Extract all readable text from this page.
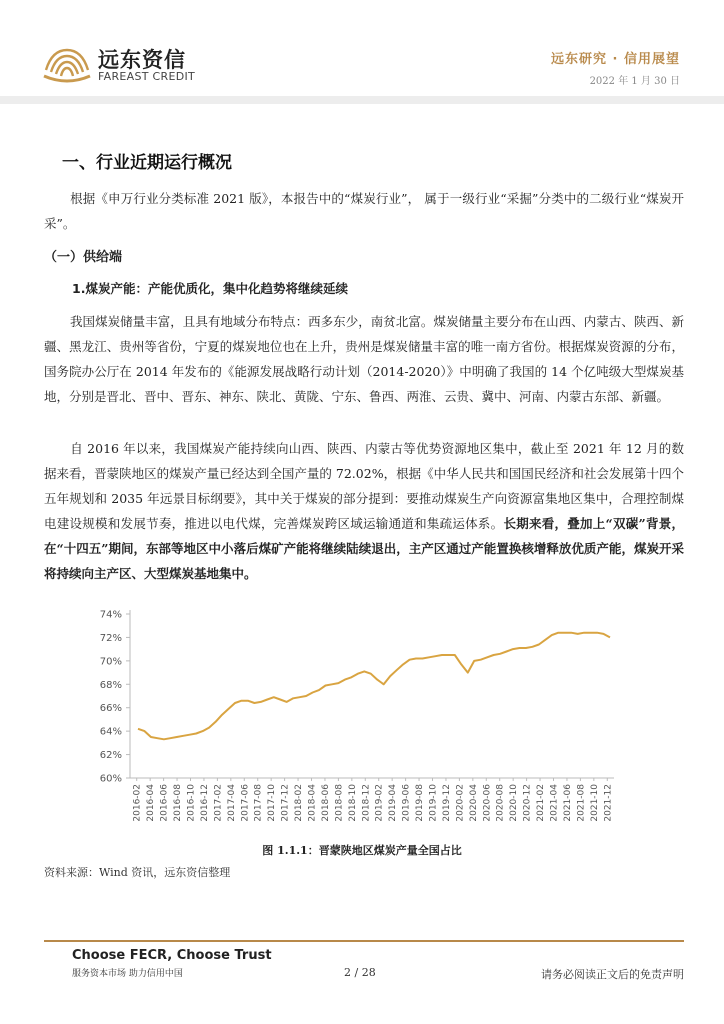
远东资信
FAREAST CREDIT
远东研究 · 信用展望
2022 年 1 月 30 日
一、行业近期运行概况

根据《申万行业分类标准 2021 版》，本报告中的“煤炭行业”， 属于一级行业“采掘”分类中的二级行业“煤炭开采”。

（一）供给端
1.煤炭产能：产能优质化，集中化趋势将继续延续

我国煤炭储量丰富，且具有地域分布特点：西多东少，南贫北富。煤炭储量主要分布在山西、内蒙古、陕西、新疆、黑龙江、贵州等省份，宁夏的煤炭地位也在上升，贵州是煤炭储量丰富的唯一南方省份。根据煤炭资源的分布，国务院办公厅在 2014 年发布的《能源发展战略行动计划（2014-2020）》中明确了我国的 14 个亿吨级大型煤炭基地，分别是晋北、晋中、晋东、神东、陕北、黄陇、宁东、鲁西、两淮、云贵、冀中、河南、内蒙古东部、新疆。

自 2016 年以来，我国煤炭产能持续向山西、陕西、内蒙古等优势资源地区集中，截止至 2021 年 12 月的数据来看，晋蒙陕地区的煤炭产量已经达到全国产量的 72.02%，根据《中华人民共和国国民经济和社会发展第十四个五年规划和 2035 年远景目标纲要》，其中关于煤炭的部分提到：要推动煤炭生产向资源富集地区集中，合理控制煤电建设规模和发展节奏，推进以电代煤，完善煤炭跨区域运输通道和集疏运体系。长期来看，叠加上“双碳”背景，在“十四五”期间，东部等地区中小落后煤矿产能将继续陆续退出，主产区通过产能置换核增释放优质产能，煤炭开采将持续向主产区、大型煤炭基地集中。

60%
62%
64%
66%
68%
70%
72%
74%
2016-02 2016-04 2016-06 2016-08 2016-10 2016-12 2017-02 2017-04 2017-06 2017-08 2017-10 2017-12 2018-02 2018-04 2018-06 2018-08 2018-10 2018-12 2019-02 2019-04 2019-06 2019-08 2019-10 2019-12 2020-02 2020-04 2020-06 2020-08 2020-10 2020-12 2021-02 2021-04 2021-06 2021-08 2021-10 2021-12
图 1.1.1：晋蒙陕地区煤炭产量全国占比
资料来源：Wind 资讯，远东资信整理
Choose FECR, Choose Trust
服务资本市场 助力信用中国	2 / 28	请务必阅读正文后的免责声明
